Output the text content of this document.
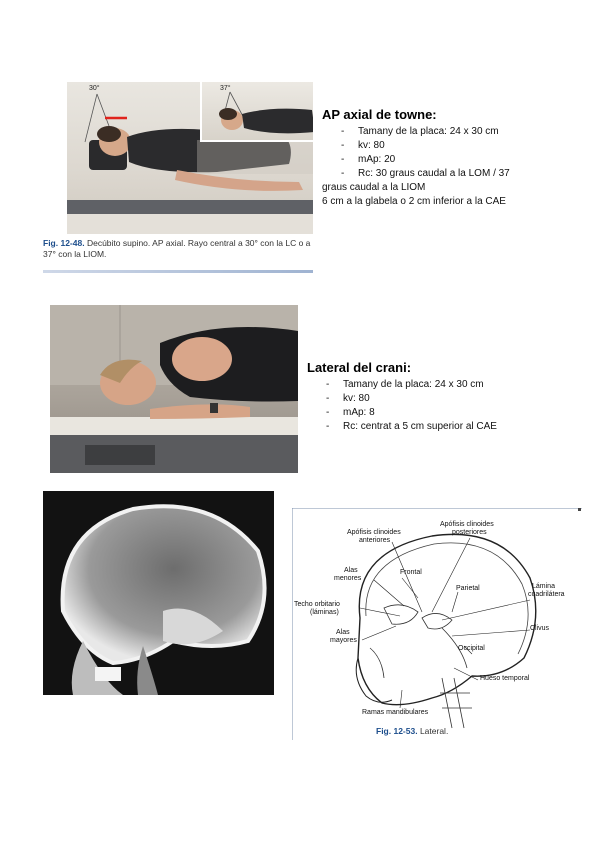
30°	37°
Fig. 12-48. Decúbito supino. AP axial. Rayo central a 30° con la LC o a 37° con la LIOM.
AP axial de towne:
- Tamany de la placa: 24 x 30 cm
- kv: 80
- mAp: 20
- Rc: 30 graus caudal a la LOM / 37
graus caudal a la LIOM
6 cm a la glabela o 2 cm inferior a la CAE
Lateral del crani:
- Tamany de la placa: 24 x 30 cm
- kv: 80
- mAp: 8
- Rc: centrat a 5 cm superior al CAE
Apófisis clinoides
anteriores
Apófisis clinoides
posteriores
Alas
menores
Frontal
Parietal	Lámina
cuadrilátera
Techo orbitario
(láminas)
Clivus
Alas
mayores
Occipital
Hueso temporal
Ramas mandibulares
Fig. 12-53. Lateral.
